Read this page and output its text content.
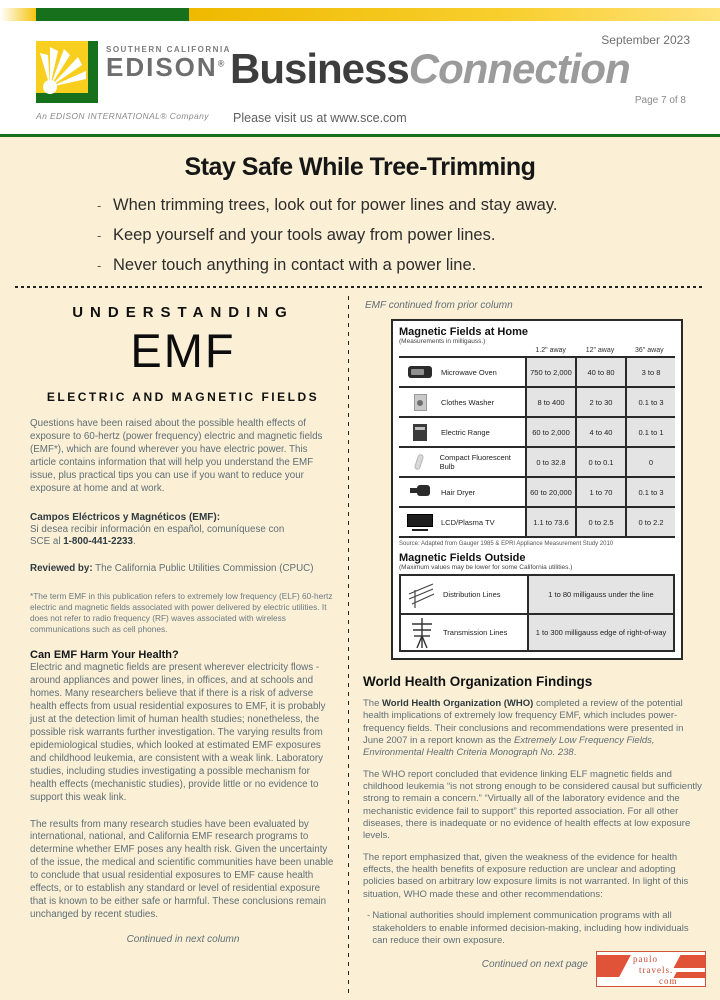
SOUTHERN CALIFORNIA
EDISON®
An EDISON INTERNATIONAL® Company
BusinessConnection
September 2023
Page 7 of 8
Please visit us at www.sce.com
Stay Safe While Tree-Trimming
- When trimming trees, look out for power lines and stay away.
- Keep yourself and your tools away from power lines.
- Never touch anything in contact with a power line.
UNDERSTANDING
EMF
ELECTRIC AND MAGNETIC FIELDS
Questions have been raised about the possible health effects of exposure to 60-hertz (power frequency) electric and magnetic fields (EMF*), which are found wherever you have electric power. This article contains information that will help you understand the EMF issue, plus practical tips you can use if you want to reduce your exposure at home and at work.
Campos Eléctricos y Magnéticos (EMF):
Si desea recibir información en español, comuníquese con
SCE al 1-800-441-2233.
Reviewed by: The California Public Utilities Commission (CPUC)
*The term EMF in this publication refers to extremely low frequency (ELF) 60-hertz electric and magnetic fields associated with power delivered by electric utilities. It does not refer to radio frequency (RF) waves associated with wireless communications such as cell phones.
Can EMF Harm Your Health?
Electric and magnetic fields are present wherever electricity flows - around appliances and power lines, in offices, and at schools and homes. Many researchers believe that if there is a risk of adverse health effects from usual residential exposures to EMF, it is probably just at the detection limit of human health studies; nonetheless, the possible risk warrants further investigation. The varying results from epidemiological studies, which looked at estimated EMF exposures and childhood leukemia, are consistent with a weak link. Laboratory studies, including studies investigating a possible mechanism for health effects (mechanistic studies), provide little or no evidence to support this weak link.
The results from many research studies have been evaluated by international, national, and California EMF research programs to determine whether EMF poses any health risk. Given the uncertainty of the issue, the medical and scientific communities have been unable to conclude that usual residential exposures to EMF cause health effects, or to establish any standard or level of residential exposure that is known to be either safe or harmful. These conclusions remain unchanged by recent studies.
Continued in next column
EMF continued from prior column
Magnetic Fields at Home
(Measurements in milligauss.)
1.2" away	12" away	36" away
Microwave Oven	750 to 2,000	40 to 80	3 to 8
Clothes Washer	8 to 400	2 to 30	0.1 to 3
Electric Range	60 to 2,000	4 to 40	0.1 to 1
Compact Fluorescent Bulb	0 to 32.8	0 to 0.1	0
Hair Dryer	60 to 20,000	1 to 70	0.1 to 3
LCD/Plasma TV	1.1 to 73.6	0 to 2.5	0 to 2.2
Source: Adapted from Gauger 1985 & EPRI Appliance Measurement Study 2010
Magnetic Fields Outside
(Maximum values may be lower for some California utilities.)
Distribution Lines	1 to 80 milligauss under the line
Transmission Lines	1 to 300 milligauss edge of right-of-way
World Health Organization Findings
The World Health Organization (WHO) completed a review of the potential health implications of extremely low frequency EMF, which includes power-frequency fields. Their conclusions and recommendations were presented in June 2007 in a report known as the Extremely Low Frequency Fields, Environmental Health Criteria Monograph No. 238.
The WHO report concluded that evidence linking ELF magnetic fields and childhood leukemia “is not strong enough to be considered causal but sufficiently strong to remain a concern.” “Virtually all of the laboratory evidence and the mechanistic evidence fail to support” this reported association. For all other diseases, there is inadequate or no evidence of health effects at low exposure levels.
The report emphasized that, given the weakness of the evidence for health effects, the health benefits of exposure reduction are unclear and adopting policies based on arbitrary low exposure limits is not warranted. In light of this situation, WHO made these and other recommendations:
- National authorities should implement communication programs with all stakeholders to enable informed decision-making, including how individuals can reduce their own exposure.
Continued on next page	paulo
travels.
com
